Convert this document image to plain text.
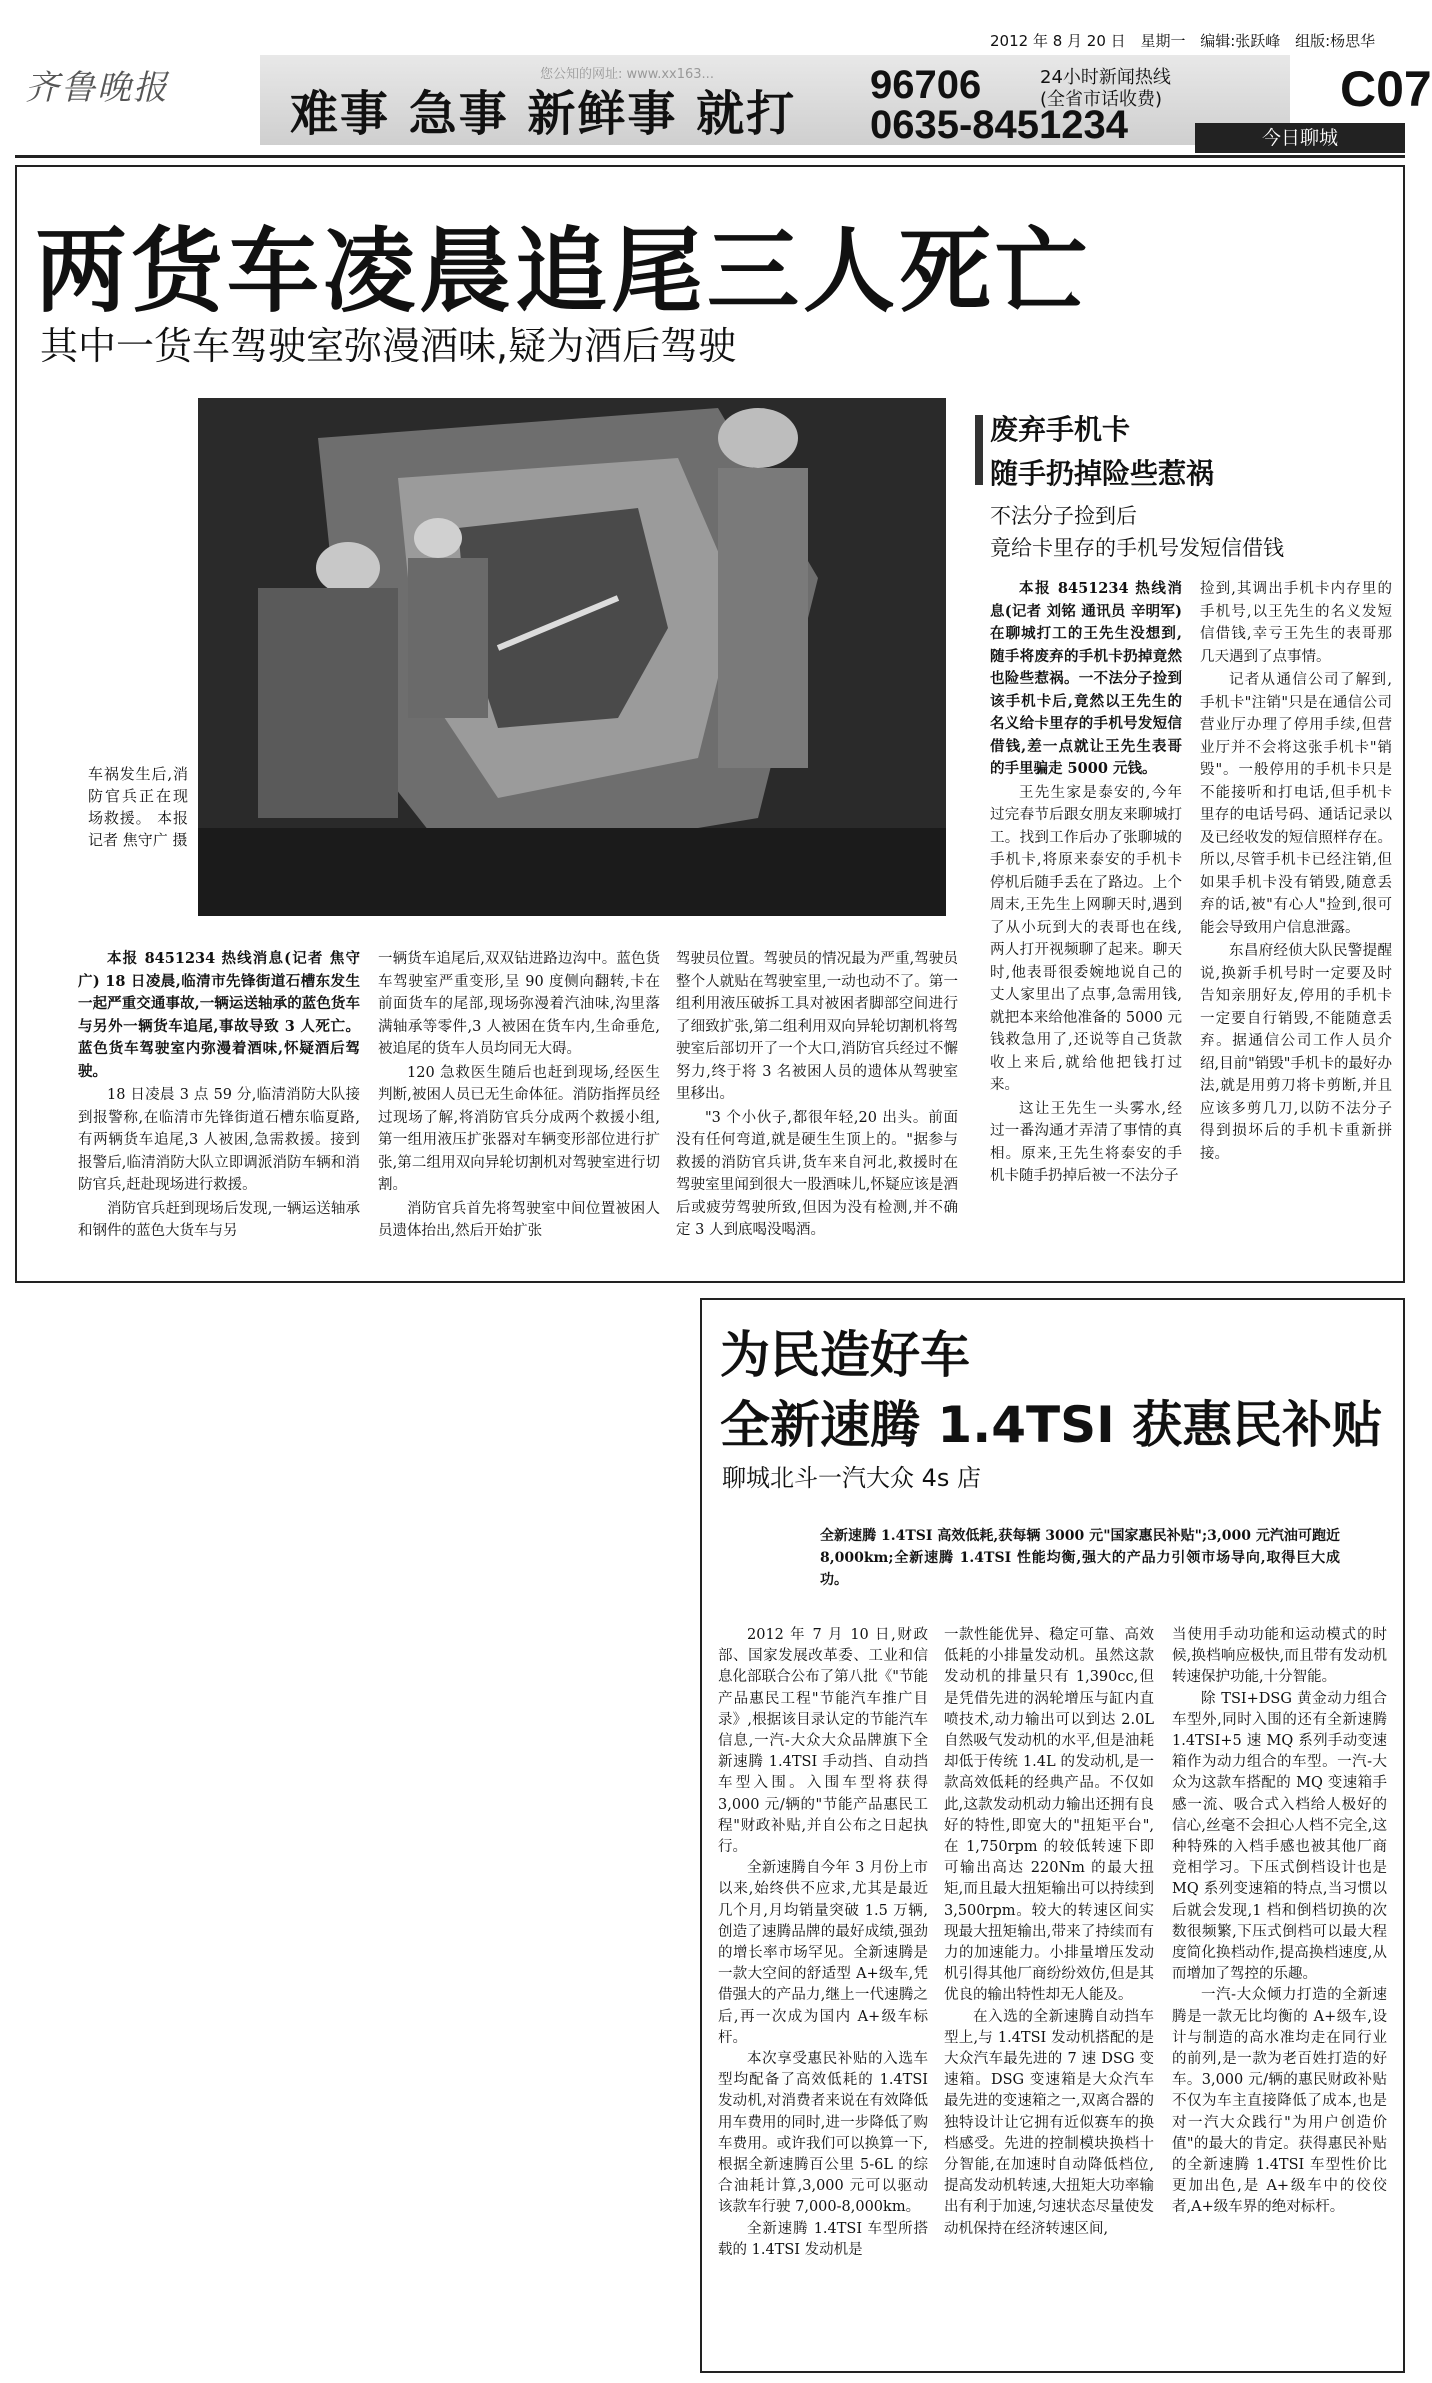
2012 年 8 月 20 日 星期一 编辑:张跃峰 组版:杨思华
齐鲁晚报	您公知的网址: www.xx163...
难事 急事 新鲜事 就打
96706
0635-8451234
24小时新闻热线
(全省市话收费)	C07
今日聊城
两货车凌晨追尾三人死亡
其中一货车驾驶室弥漫酒味,疑为酒后驾驶
车祸发生后,消防官兵正在现场救援。 本报记者 焦守广 摄

本报 8451234 热线消息(记者 焦守广) 18 日凌晨,临清市先锋街道石槽东发生一起严重交通事故,一辆运送轴承的蓝色货车与另外一辆货车追尾,事故导致 3 人死亡。蓝色货车驾驶室内弥漫着酒味,怀疑酒后驾驶。

18 日凌晨 3 点 59 分,临清消防大队接到报警称,在临清市先锋街道石槽东临夏路,有两辆货车追尾,3 人被困,急需救援。接到报警后,临清消防大队立即调派消防车辆和消防官兵,赶赴现场进行救援。

消防官兵赶到现场后发现,一辆运送轴承和钢件的蓝色大货车与另

一辆货车追尾后,双双钻进路边沟中。蓝色货车驾驶室严重变形,呈 90 度侧向翻转,卡在前面货车的尾部,现场弥漫着汽油味,沟里落满轴承等零件,3 人被困在货车内,生命垂危,被追尾的货车人员均同无大碍。

120 急救医生随后也赶到现场,经医生判断,被困人员已无生命体征。消防指挥员经过现场了解,将消防官兵分成两个救援小组,第一组用液压扩张器对车辆变形部位进行扩张,第二组用双向异轮切割机对驾驶室进行切割。

消防官兵首先将驾驶室中间位置被困人员遗体抬出,然后开始扩张

驾驶员位置。驾驶员的情况最为严重,驾驶员整个人就贴在驾驶室里,一动也动不了。第一组利用液压破拆工具对被困者脚部空间进行了细致扩张,第二组利用双向异轮切割机将驾驶室后部切开了一个大口,消防官兵经过不懈努力,终于将 3 名被困人员的遗体从驾驶室里移出。

"3 个小伙子,都很年轻,20 出头。前面没有任何弯道,就是硬生生顶上的。"据参与救援的消防官兵讲,货车来自河北,救援时在驾驶室里闻到很大一股酒味儿,怀疑应该是酒后或疲劳驾驶所致,但因为没有检测,并不确定 3 人到底喝没喝酒。

废弃手机卡
随手扔掉险些惹祸
不法分子捡到后
竟给卡里存的手机号发短信借钱

本报 8451234 热线消息(记者 刘铭 通讯员 辛明军) 在聊城打工的王先生没想到,随手将废弃的手机卡扔掉竟然也险些惹祸。一不法分子捡到该手机卡后,竟然以王先生的名义给卡里存的手机号发短信借钱,差一点就让王先生表哥的手里骗走 5000 元钱。

王先生家是泰安的,今年过完春节后跟女朋友来聊城打工。找到工作后办了张聊城的手机卡,将原来泰安的手机卡停机后随手丢在了路边。上个周末,王先生上网聊天时,遇到了从小玩到大的表哥也在线,两人打开视频聊了起来。聊天时,他表哥很委婉地说自己的丈人家里出了点事,急需用钱,就把本来给他准备的 5000 元钱救急用了,还说等自己货款收上来后,就给他把钱打过来。

这让王先生一头雾水,经过一番沟通才弄清了事情的真相。原来,王先生将泰安的手机卡随手扔掉后被一不法分子

捡到,其调出手机卡内存里的手机号,以王先生的名义发短信借钱,幸亏王先生的表哥那几天遇到了点事情。

记者从通信公司了解到,手机卡"注销"只是在通信公司营业厅办理了停用手续,但营业厅并不会将这张手机卡"销毁"。一般停用的手机卡只是不能接听和打电话,但手机卡里存的电话号码、通话记录以及已经收发的短信照样存在。所以,尽管手机卡已经注销,但如果手机卡没有销毁,随意丢弃的话,被"有心人"捡到,很可能会导致用户信息泄露。

东昌府经侦大队民警提醒说,换新手机号时一定要及时告知亲朋好友,停用的手机卡一定要自行销毁,不能随意丢弃。据通信公司工作人员介绍,目前"销毁"手机卡的最好办法,就是用剪刀将卡剪断,并且应该多剪几刀,以防不法分子得到损坏后的手机卡重新拼接。

为民造好车
全新速腾 1.4TSI 获惠民补贴
聊城北斗一汽大众 4s 店
全新速腾 1.4TSI 高效低耗,获每辆 3000 元"国家惠民补贴";3,000 元汽油可跑近 8,000km;全新速腾 1.4TSI 性能均衡,强大的产品力引领市场导向,取得巨大成功。

2012 年 7 月 10 日,财政部、国家发展改革委、工业和信息化部联合公布了第八批《"节能产品惠民工程"节能汽车推广目录》,根据该目录认定的节能汽车信息,一汽-大众大众品牌旗下全新速腾 1.4TSI 手动挡、自动挡车型入围。入围车型将获得 3,000 元/辆的"节能产品惠民工程"财政补贴,并自公布之日起执行。

全新速腾自今年 3 月份上市以来,始终供不应求,尤其是最近几个月,月均销量突破 1.5 万辆,创造了速腾品牌的最好成绩,强劲的增长率市场罕见。全新速腾是一款大空间的舒适型 A+级车,凭借强大的产品力,继上一代速腾之后,再一次成为国内 A+级车标杆。

本次享受惠民补贴的入选车型均配备了高效低耗的 1.4TSI 发动机,对消费者来说在有效降低用车费用的同时,进一步降低了购车费用。或许我们可以换算一下,根据全新速腾百公里 5-6L 的综合油耗计算,3,000 元可以驱动该款车行驶 7,000-8,000km。

全新速腾 1.4TSI 车型所搭载的 1.4TSI 发动机是

一款性能优异、稳定可靠、高效低耗的小排量发动机。虽然这款发动机的排量只有 1,390cc,但是凭借先进的涡轮增压与缸内直喷技术,动力输出可以到达 2.0L 自然吸气发动机的水平,但是油耗却低于传统 1.4L 的发动机,是一款高效低耗的经典产品。不仅如此,这款发动机动力输出还拥有良好的特性,即宽大的"扭矩平台",在 1,750rpm 的较低转速下即可输出高达 220Nm 的最大扭矩,而且最大扭矩输出可以持续到 3,500rpm。较大的转速区间实现最大扭矩输出,带来了持续而有力的加速能力。小排量增压发动机引得其他厂商纷纷效仿,但是其优良的输出特性却无人能及。

在入选的全新速腾自动挡车型上,与 1.4TSI 发动机搭配的是大众汽车最先进的 7 速 DSG 变速箱。DSG 变速箱是大众汽车最先进的变速箱之一,双离合器的独特设计让它拥有近似赛车的换档感受。先进的控制模块换档十分智能,在加速时自动降低档位,提高发动机转速,大扭矩大功率输出有利于加速,匀速状态尽量使发动机保持在经济转速区间,

当使用手动功能和运动模式的时候,换档响应极快,而且带有发动机转速保护功能,十分智能。

除 TSI+DSG 黄金动力组合车型外,同时入围的还有全新速腾 1.4TSI+5 速 MQ 系列手动变速箱作为动力组合的车型。一汽-大众为这款车搭配的 MQ 变速箱手感一流、吸合式入档给人极好的信心,丝毫不会担心人档不完全,这种特殊的入档手感也被其他厂商竞相学习。下压式倒档设计也是 MQ 系列变速箱的特点,当习惯以后就会发现,1 档和倒档切换的次数很频繁,下压式倒档可以最大程度简化换档动作,提高换档速度,从而增加了驾控的乐趣。

一汽-大众倾力打造的全新速腾是一款无比均衡的 A+级车,设计与制造的高水准均走在同行业的前列,是一款为老百姓打造的好车。3,000 元/辆的惠民财政补贴不仅为车主直接降低了成本,也是对一汽大众践行"为用户创造价值"的最大的肯定。获得惠民补贴的全新速腾 1.4TSI 车型性价比更加出色,是 A+级车中的佼佼者,A+级车界的绝对标杆。
